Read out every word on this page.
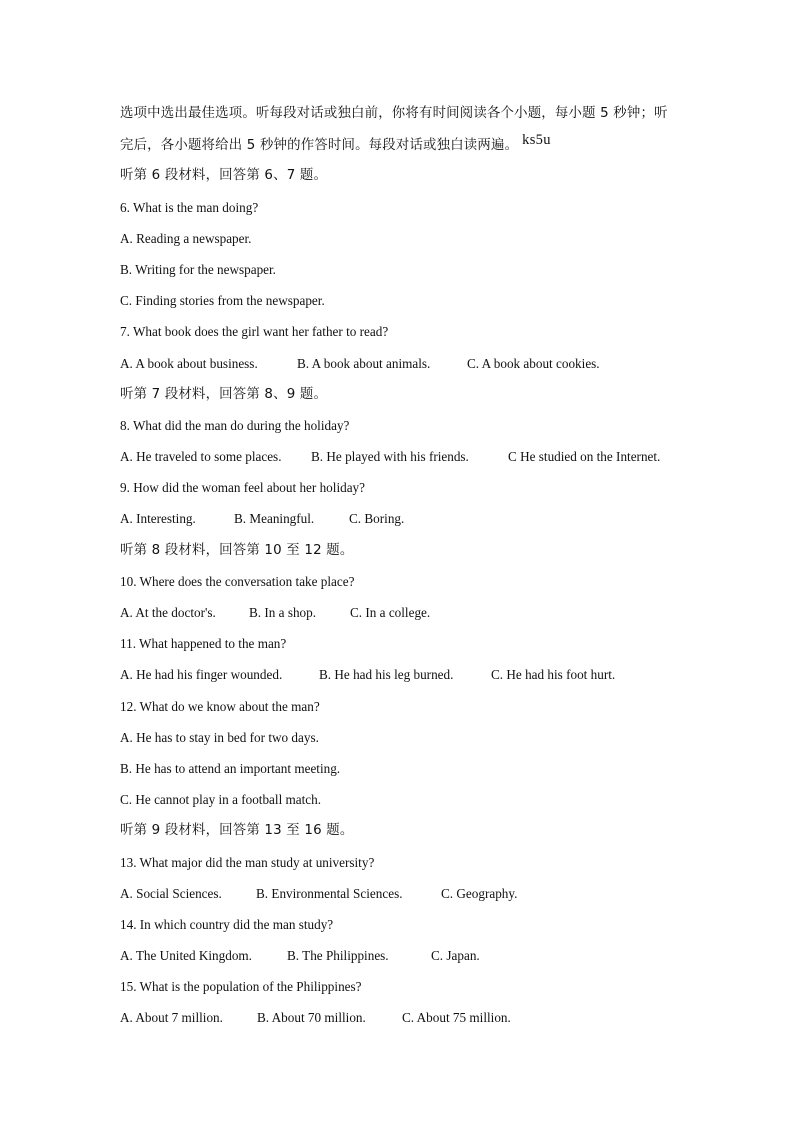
选项中选出最佳选项。听每段对话或独白前，你将有时间阅读各个小题，每小题 5 秒钟；听
完后，各小题将给出 5 秒钟的作答时间。每段对话或独白读两遍。 ks5u
听第 6 段材料，回答第 6、7 题。
6. What is the man doing?
A. Reading a newspaper.
B. Writing for the newspaper.
C. Finding stories from the newspaper.
7. What book does the girl want her father to read?
A. A book about business.	B. A book about animals.	C. A book about cookies.
听第 7 段材料，回答第 8、9 题。
8. What did the man do during the holiday?
A. He traveled to some places. B. He played with his friends.	C He studied on the Internet.
9. How did the woman feel about her holiday?
A. Interesting.	B. Meaningful.	C. Boring.
听第 8 段材料，回答第 10 至 12 题。
10. Where does the conversation take place?
A. At the doctor's.	B. In a shop.	C. In a college.
11. What happened to the man?
A. He had his finger wounded.	B. He had his leg burned.	C. He had his foot hurt.
12. What do we know about the man?
A. He has to stay in bed for two days.
B. He has to attend an important meeting.
C. He cannot play in a football match.
听第 9 段材料，回答第 13 至 16 题。
13. What major did the man study at university?
A. Social Sciences.	B. Environmental Sciences.	C. Geography.
14. In which country did the man study?
A. The United Kingdom.	B. The Philippines.	C. Japan.
15. What is the population of the Philippines?
A. About 7 million.	B. About 70 million.	C. About 75 million.
